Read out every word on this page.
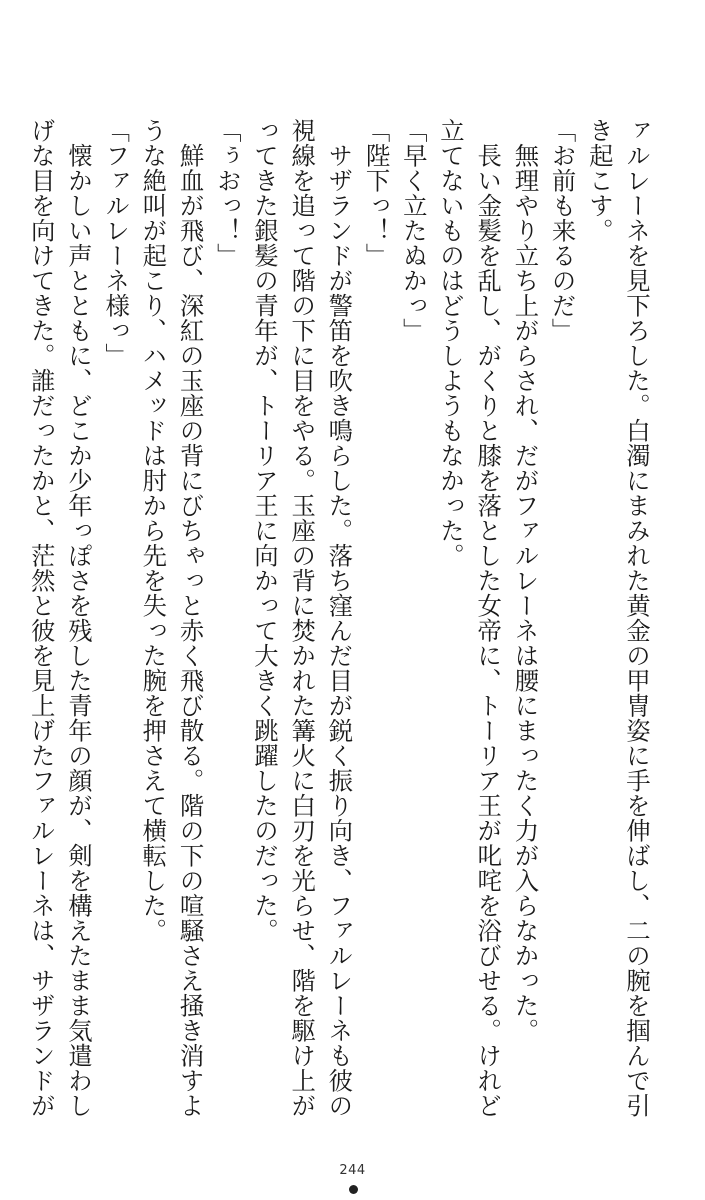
ァルレーネを見下ろした。白濁にまみれた黄金の甲冑姿に手を伸ばし、二の腕を掴んで引
き起こす。
「お前も来るのだ」
　無理やり立ち上がらされ、だがファルレーネは腰にまったく力が入らなかった。
　長い金髪を乱し、がくりと膝を落とした女帝に、トーリア王が叱咤を浴びせる。けれど
立てないものはどうしようもなかった。
「早く立たぬかっ」
「陛下っ！」
　サザランドが警笛を吹き鳴らした。落ち窪んだ目が鋭く振り向き、ファルレーネも彼の
視線を追って階の下に目をやる。玉座の背に焚かれた篝火に白刃を光らせ、階を駆け上が
ってきた銀髪の青年が、トーリア王に向かって大きく跳躍したのだった。
「ぅおっ！」
　鮮血が飛び、深紅の玉座の背にびちゃっと赤く飛び散る。階の下の喧騒さえ掻き消すよ
うな絶叫が起こり、ハメッドは肘から先を失った腕を押さえて横転した。
「ファルレーネ様っ」
　懐かしい声とともに、どこか少年っぽさを残した青年の顔が、剣を構えたまま気遣わし
げな目を向けてきた。誰だったかと、茫然と彼を見上げたファルレーネは、サザランドが
244
